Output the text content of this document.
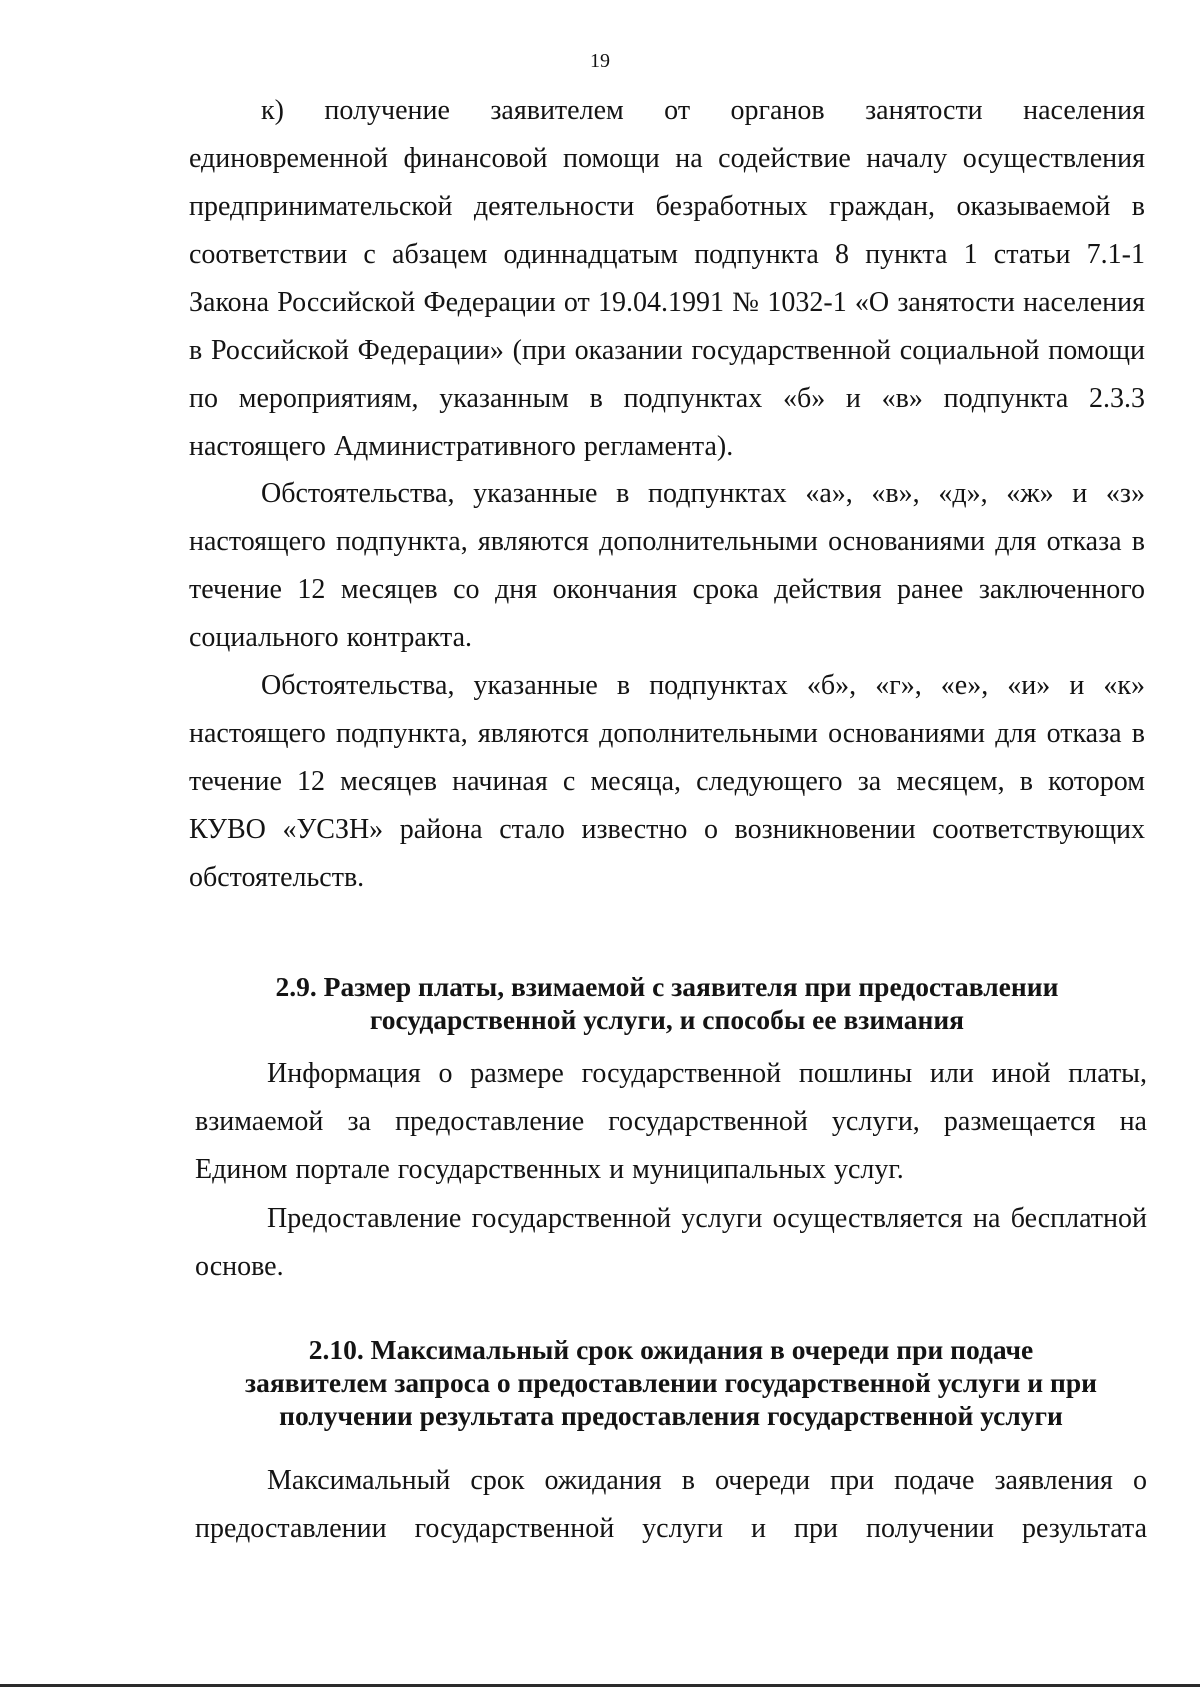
19

к) получение заявителем от органов занятости населения единовременной финансовой помощи на содействие началу осуществления предпринимательской деятельности безработных граждан, оказываемой в соответствии с абзацем одиннадцатым подпункта 8 пункта 1 статьи 7.1-1 Закона Российской Федерации от 19.04.1991 № 1032-1 «О занятости населения в Российской Федерации» (при оказании государственной социальной помощи по мероприятиям, указанным в подпунктах «б» и «в» подпункта 2.3.3 настоящего Административного регламента).

Обстоятельства, указанные в подпунктах «а», «в», «д», «ж» и «з» настоящего подпункта, являются дополнительными основаниями для отказа в течение 12 месяцев со дня окончания срока действия ранее заключенного социального контракта.

Обстоятельства, указанные в подпунктах «б», «г», «е», «и» и «к» настоящего подпункта, являются дополнительными основаниями для отказа в течение 12 месяцев начиная с месяца, следующего за месяцем, в котором КУВО «УСЗН» района стало известно о возникновении соответствующих обстоятельств.

2.9. Размер платы, взимаемой с заявителя при предоставлении
государственной услуги, и способы ее взимания

Информация о размере государственной пошлины или иной платы, взимаемой за предоставление государственной услуги, размещается на Едином портале государственных и муниципальных услуг.

Предоставление государственной услуги осуществляется на бесплатной основе.

2.10. Максимальный срок ожидания в очереди при подаче
заявителем запроса о предоставлении государственной услуги и при
получении результата предоставления государственной услуги

Максимальный срок ожидания в очереди при подаче заявления о предоставлении государственной услуги и при получении результата
